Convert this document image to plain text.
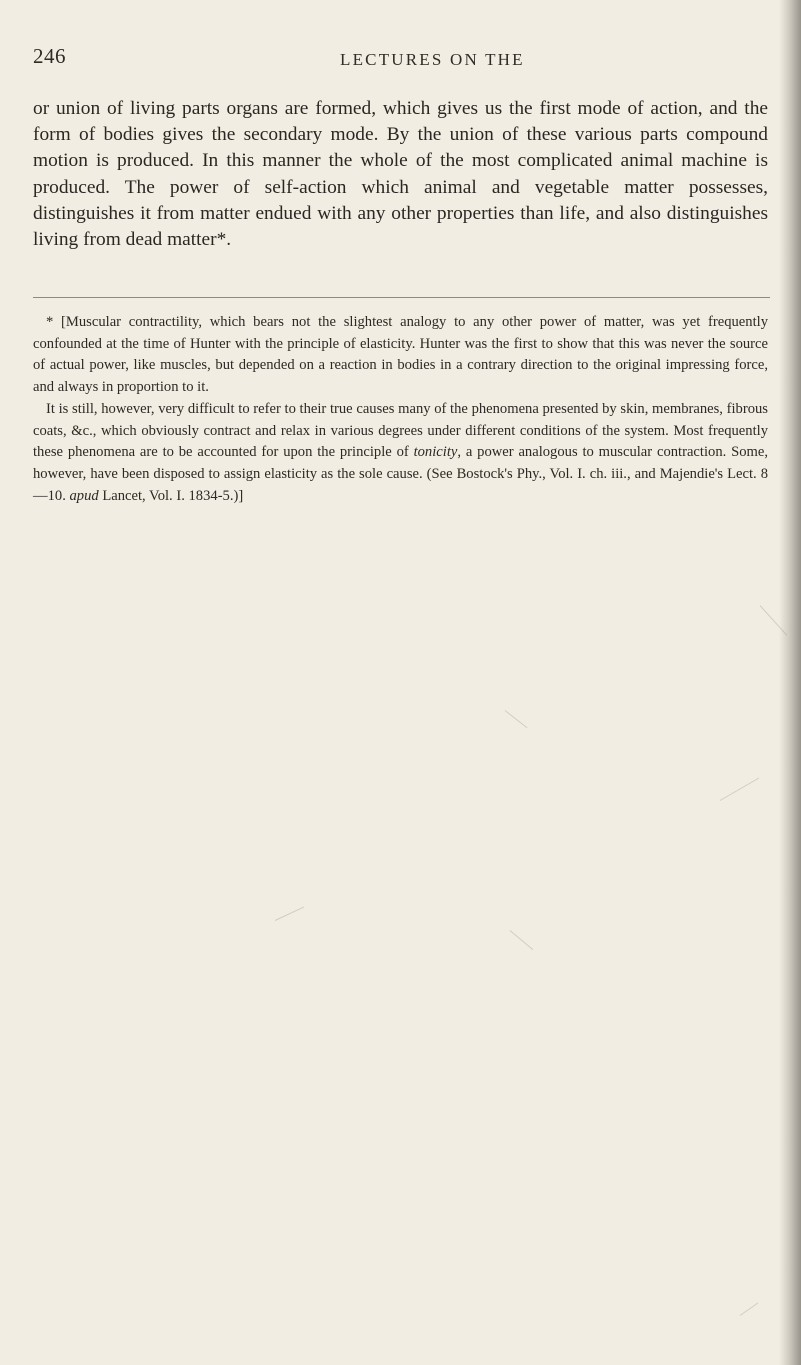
246	LECTURES ON THE

or union of living parts organs are formed, which gives us the first mode of action, and the form of bodies gives the secondary mode. By the union of these various parts compound motion is produced. In this manner the whole of the most complicated animal machine is produced. The power of self-action which animal and vegetable matter possesses, distinguishes it from matter endued with any other properties than life, and also distinguishes living from dead matter*.

* [Muscular contractility, which bears not the slightest analogy to any other power of matter, was yet frequently confounded at the time of Hunter with the principle of elasticity. Hunter was the first to show that this was never the source of actual power, like muscles, but depended on a reaction in bodies in a contrary direction to the original impressing force, and always in proportion to it.

It is still, however, very difficult to refer to their true causes many of the phenomena presented by skin, membranes, fibrous coats, &c., which obviously contract and relax in various degrees under different conditions of the system. Most frequently these phenomena are to be accounted for upon the principle of tonicity, a power analogous to muscular contraction. Some, however, have been disposed to assign elasticity as the sole cause. (See Bostock's Phy., Vol. I. ch. iii., and Majendie's Lect. 8—10. apud Lancet, Vol. I. 1834-5.)]
